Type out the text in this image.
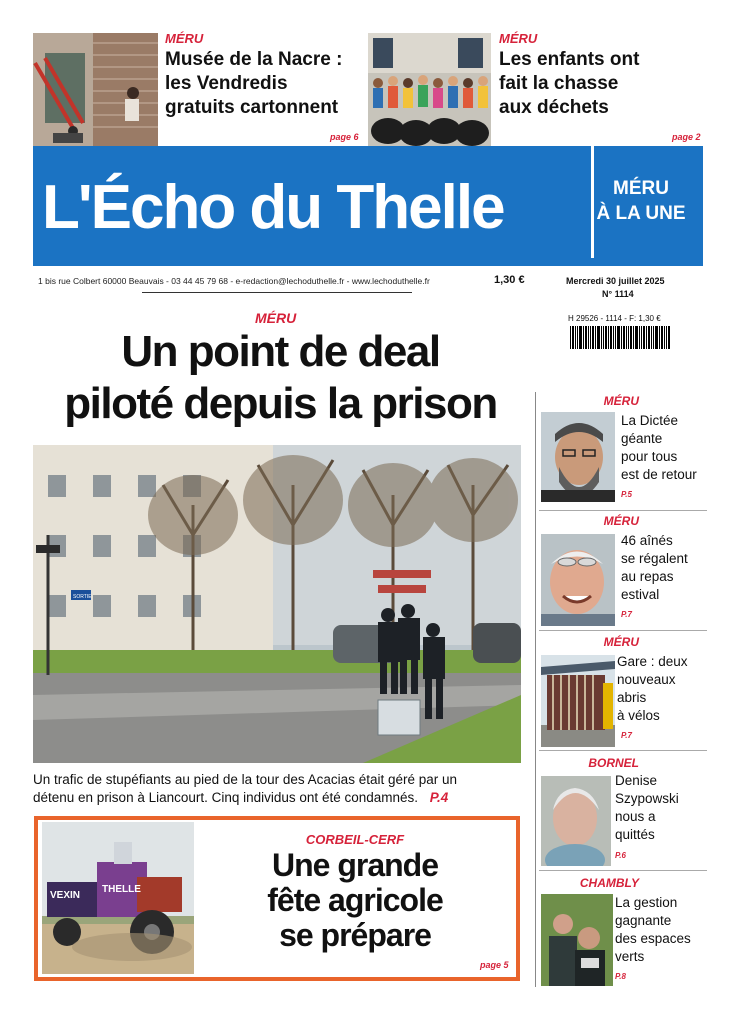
MÉRU
Musée de la Nacre :
les Vendredis
gratuits cartonnent
page 6
MÉRU
Les enfants ont
fait la chasse
aux déchets
page 2
L'Écho du Thelle	MÉRU
À LA UNE
1 bis rue Colbert 60000 Beauvais - 03 44 45 79 68 - e-redaction@lechoduthelle.fr - www.lechoduthelle.fr	1,30 €	Mercredi 30 juillet 2025
N° 1114
H 29526 - 1114 - F: 1,30 €
MÉRU
Un point de deal
piloté depuis la prison
SORTIE
Un trafic de stupéfiants au pied de la tour des Acacias était géré par un
détenu en prison à Liancourt. Cinq individus ont été condamnés. P.4
VEXIN
THELLE
CORBEIL-CERF
Une grande
fête agricole
se prépare
page 5
MÉRU
La Dictée
géante
pour tous
est de retour
P.5
MÉRU
46 aînés
se régalent
au repas
estival
P.7
MÉRU
Gare : deux
nouveaux
abris
à vélos
P.7
BORNEL
Denise
Szypowski
nous a
quittés
P.6
CHAMBLY
La gestion
gagnante
des espaces
verts
P.8
